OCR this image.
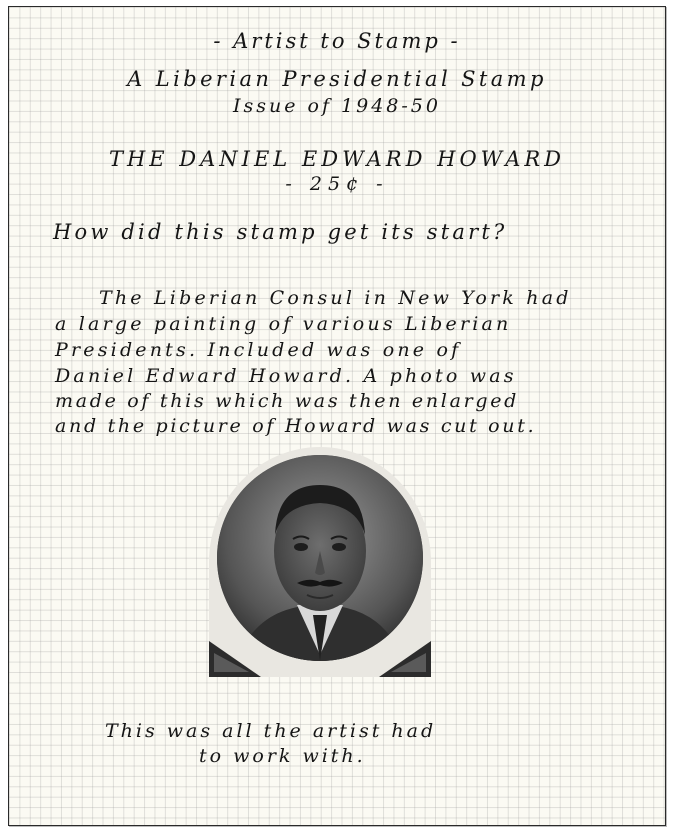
- Artist to Stamp -

A Liberian Presidential Stamp

Issue of 1948-50

THE DANIEL EDWARD HOWARD

- 25¢ -

How did this stamp get its start?

The Liberian Consul in New York had

a large painting of various Liberian

Presidents. Included was one of

Daniel Edward Howard. A photo was

made of this which was then enlarged

and the picture of Howard was cut out.

This was all the artist had

to work with.
